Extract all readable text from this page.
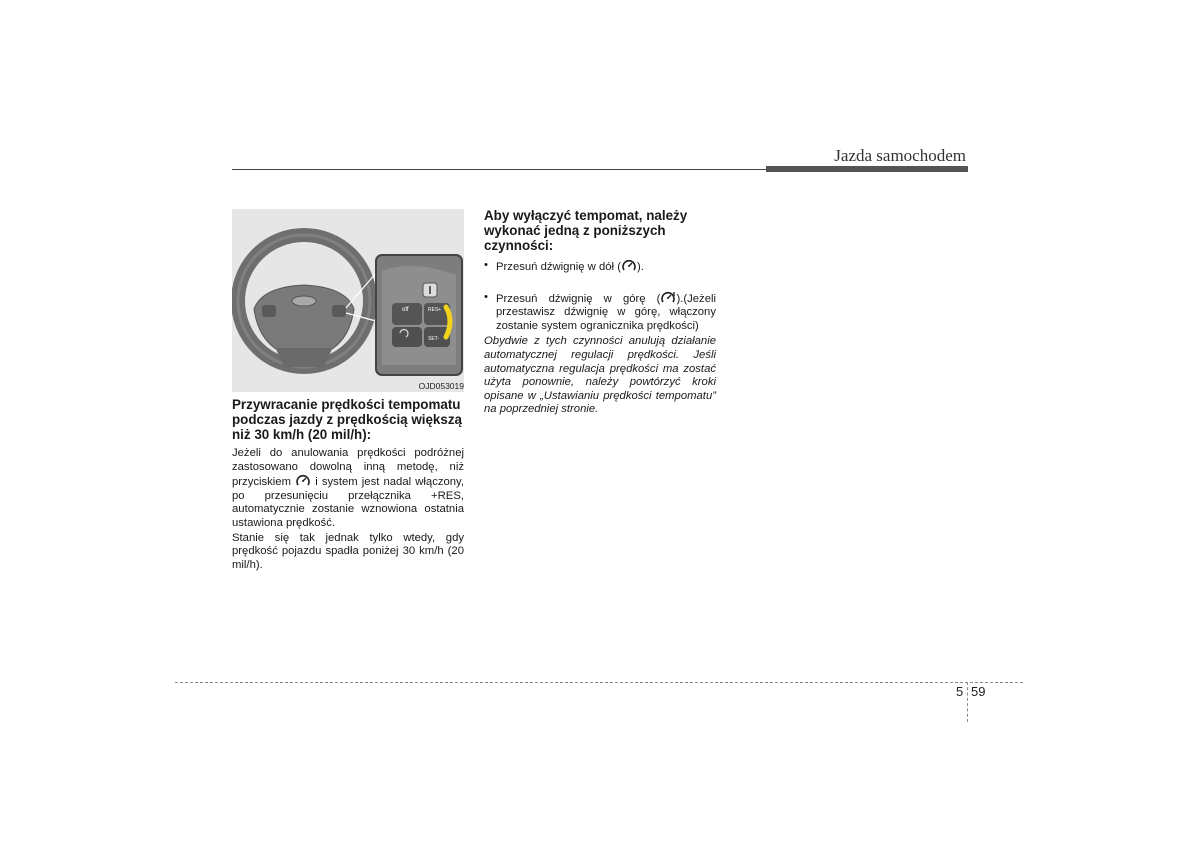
Jazda samochodem
off	RES+
SET-
OJD053019
Przywracanie prędkości tempomatu podczas jazdy z prędkością większą niż 30 km/h (20 mil/h):

Jeżeli do anulowania prędkości podróżnej zastosowano dowolną inną metodę, niż przyciskiem i system jest nadal włączony, po przesunięciu przełącznika +RES, automatycznie zostanie wznowiona ostatnia ustawiona prędkość.

Stanie się tak jednak tylko wtedy, gdy prędkość pojazdu spadła poniżej 30 km/h (20 mil/h).

Aby wyłączyć tempomat, należy wykonać jedną z poniższych czynności:
• Przesuń dźwignię w dół ( ).
• Przesuń dźwignię w górę ( ).(Jeżeli przestawisz dźwignię w górę, włączony zostanie system ogranicznika prędkości)

Obydwie z tych czynności anulują działanie automatycznej regulacji prędkości. Jeśli automatyczna regulacja prędkości ma zostać użyta ponownie, należy powtórzyć kroki opisane w „Ustawianiu prędkości tempomatu” na poprzedniej stronie.

5 59
